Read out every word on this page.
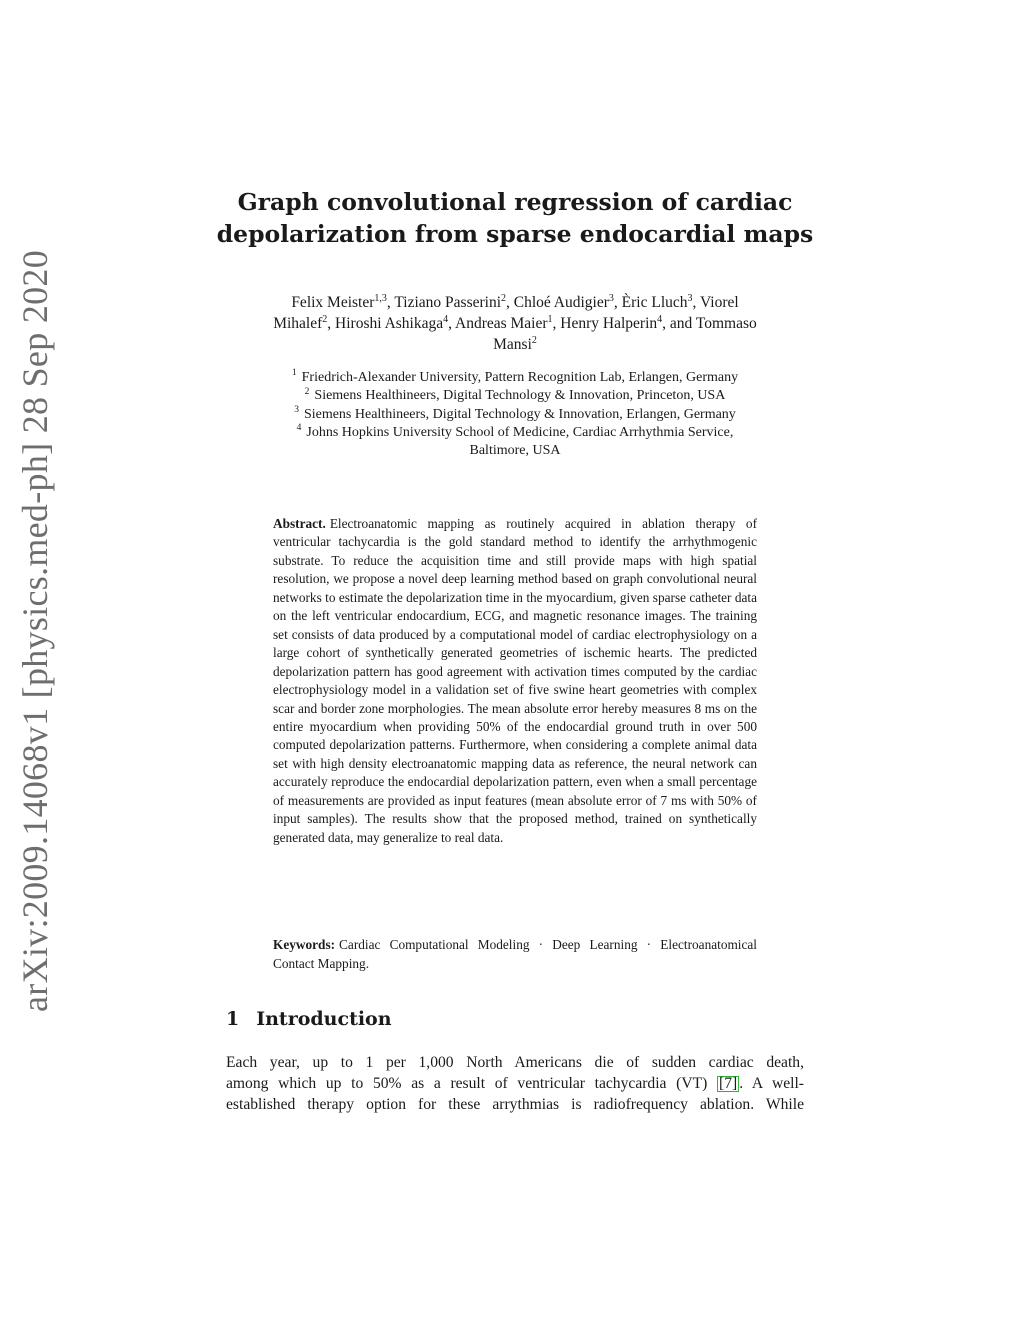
arXiv:2009.14068v1 [physics.med-ph] 28 Sep 2020
Graph convolutional regression of cardiac
depolarization from sparse endocardial maps
Felix Meister$^{1,3}$, Tiziano Passerini$^2$, Chloé Audigier$^3$, Èric Lluch$^3$, Viorel
Mihalef$^2$, Hiroshi Ashikaga$^4$, Andreas Maier$^1$, Henry Halperin$^4$, and Tommaso
Mansi$^2$
$^1$ Friedrich-Alexander University, Pattern Recognition Lab, Erlangen, Germany
$^2$ Siemens Healthineers, Digital Technology & Innovation, Princeton, USA
$^3$ Siemens Healthineers, Digital Technology & Innovation, Erlangen, Germany
$^4$ Johns Hopkins University School of Medicine, Cardiac Arrhythmia Service,
Baltimore, USA
Abstract. Electroanatomic mapping as routinely acquired in ablation therapy of ventricular tachycardia is the gold standard method to identify the arrhythmogenic substrate. To reduce the acquisition time and still provide maps with high spatial resolution, we propose a novel deep learning method based on graph convolutional neural networks to estimate the depolarization time in the myocardium, given sparse catheter data on the left ventricular endocardium, ECG, and magnetic resonance images. The training set consists of data produced by a computational model of cardiac electrophysiology on a large cohort of synthetically generated geometries of ischemic hearts. The predicted depolarization pattern has good agreement with activation times computed by the cardiac electrophysiology model in a validation set of five swine heart geometries with complex scar and border zone morphologies. The mean absolute error hereby measures 8 ms on the entire myocardium when providing 50% of the endocardial ground truth in over 500 computed depolarization patterns. Furthermore, when considering a complete animal data set with high density electroanatomic mapping data as reference, the neural network can accurately reproduce the endocardial depolarization pattern, even when a small percentage of measurements are provided as input features (mean absolute error of 7 ms with 50% of input samples). The results show that the proposed method, trained on synthetically generated data, may generalize to real data.
Keywords: Cardiac Computational Modeling · Deep Learning · Electroanatomical Contact Mapping.
1 Introduction
Each year, up to 1 per 1,000 North Americans die of sudden cardiac death,
among which up to 50% as a result of ventricular tachycardia (VT) [7] . A well-
established therapy option for these arrythmias is radiofrequency ablation. While
